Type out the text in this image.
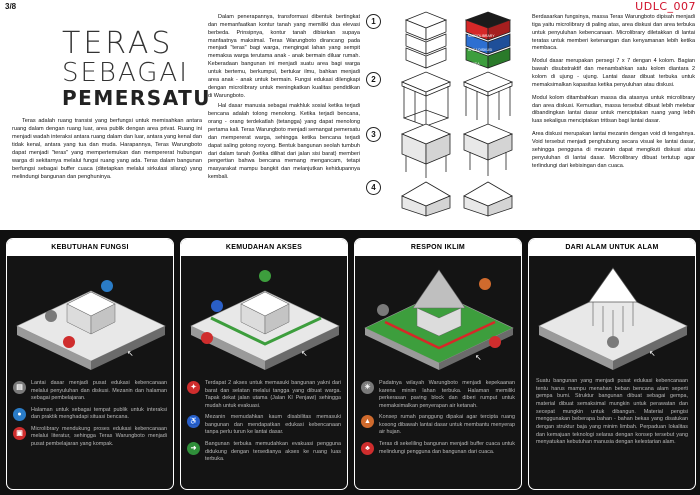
3/8	UDLC_007
TERAS
SEBAGAI
PEMERSATU

Teras adalah ruang transisi yang berfungsi untuk memisahkan antara ruang dalam dengan ruang luar, area publik dengan area privat. Ruang ini menjadi wadah interaksi antara ruang dalam dan luar, antara yang kenal dan tidak kenal, antara yang tua dan muda. Harapannya, Teras Warungboto dapat menjadi "teras" yang mempertemukan dan mempererat hubungan warga di sekitarnya melalui fungsi ruang yang ada. Teras dalam bangunan berfungsi sebagai buffer cuaca (ditetapkan melalui sirkulasi silang) yang melindungi bangunan dan penghuninya.

Dalam penerapannya, transformasi dibentuk bertingkat dan memanfaatkan kontur tanah yang memiliki dua elevasi berbeda. Prinsipnya, kontur tanah dibiarkan supaya manfaatnya maksimal. Teras Warungboto dirancang pada menjadi "teras" bagi warga, mengingat lahan yang sempit memaksa warga terutama anak - anak bermain diluar rumah. Keberadaan bangunan ini menjadi suatu area bagi warga untuk bertemu, berkumpul, bertukar ilmu, bahkan menjadi area anak - anak untuk bermain. Fungsi edukasi dilengkapi dengan microlibrary untuk meningkatkan kualitas pendidikan di Warungboto.

Hal dasar manusia sebagai makhluk sosial ketika terjadi bencana adalah tolong menolong. Ketika terjadi bencana, orang - orang terdekatlah (tetangga) yang dapat menolong pertama kali. Teras Warungboto menjadi semangat pemersatu dan mempererat warga, sehingga ketika bencana terjadi dapat saling gotong royong. Bentuk bangunan seolah tumbuh dari dalam tanah (ketika dilihat dari jalan sisi barat) memberi pengertian bahwa bencana memang mengancam, tetapi masyarakat mampu bangkit dan melanjutkan kehidupannya kembali.

1
2
3
4
MICROLIBRARY
AREA DISKUSI
AREA

Berdasarkan fungsinya, massa Teras Warungboto dipisah menjadi tiga yaitu microlibrary di paling atas, area diskusi dan area terbuka untuk penyuluhan kebencanaan. Microlibrary diletakkan di lantai teratas untuk memberi ketenangan dan kenyamanan lebih ketika membaca.

Modul dasar merupakan persegi 7 x 7 dengan 4 kolom. Bagian bawah disubstraktif dan menambahkan satu kolom diantara 2 kolom di ujung - ujung. Lantai dasar dibuat terbuka untuk memaksimalkan kapasitas ketika penyuluhan atau diskusi.

Modul kolom ditambahkan massa dia atasnya untuk microlibrary dan area diskusi. Kemudian, massa tersebut dibuat lebih melebar dibandingkan lantai dasar untuk menciptakan ruang yang lebih luas sekaligus menciptakan tritisan bagi lantai dasar.

Area diskusi merupakan lantai mezanin dengan void di tengahnya. Void tersebut menjadi penghubung secara visual ke lantai dasar, sehingga pengguna di mezanin dapat mengikuti diskusi atau penyuluhan di lantai dasar. Microlibrary dibuat tertutup agar terlindungi dari kebisingan dan cuaca.

KEBUTUHAN FUNGSI
↖
▤
Lantai dasar menjadi pusat edukasi kebencanaan melalui penyuluhan dan diskusi. Mezanin dan halaman sebagai pembelajaran.
●
Halaman untuk sebagai tempat publik untuk interaksi dan praktik menghadapi situasi bencana.
▣
Microlibrary mendukung proses edukasi kebencanaan melalui literatur, sehingga Teras Warungboto menjadi pusat pembelajaran yang kompak.
KEMUDAHAN AKSES
↖
✦
Terdapat 2 akses untuk memasuki bangunan yakni dari barat dan selatan melalui tangga yang dibuat warga. Tapak dekat jalan utama (Jalan Kl Penjawi) sehingga mudah untuk evakuasi.
♿
Mezanin memudahkan kaum disabilitas memasuki bangunan dan mendapatkan edukasi kebencanaan tanpa perlu turun ke lantai dasar.
➜
Bangunan terbuka memudahkan evakuasi pengguna didukung dengan tersedianya akses ke ruang luas terbuka.
RESPON IKLIM
↖
☀
Padatnya wilayah Warungboto menjadi kepekaanan karena minim lahan terbuka. Halaman memiliki perkerasan paving block dan diberi rumput untuk memaksimalkan penyerapan air ketanah.
▲
Konsep rumah panggung dipakai agar tercipta ruang kosong dibawah lantai dasar untuk membantu menyerap air hujan.
♣
Teras di sekeliling bangunan menjadi buffer cuaca untuk melindungi pengguna dan bangunan dari cuaca.
DARI ALAM UNTUK ALAM
↖

Suatu bangunan yang menjadi pusat edukasi kebencanaan tentu harus mampu menahan beban bencana alam seperti gempa bumi. Struktur bangunan dibuat sebagai gempa, material dibuat semaksimal mungkin untuk perawatan dan secepat mungkin untuk dibangun. Material pengisi menggunakan beberapa bahan - bahan bekas yang disatukan dengan struktur baja yang minim limbah. Perpaduan lokalitas dan kemajuan teknologi selaras dengan konsep tersebut yang menyatukan kebutuhan manusia dengan kelestarian alam.
